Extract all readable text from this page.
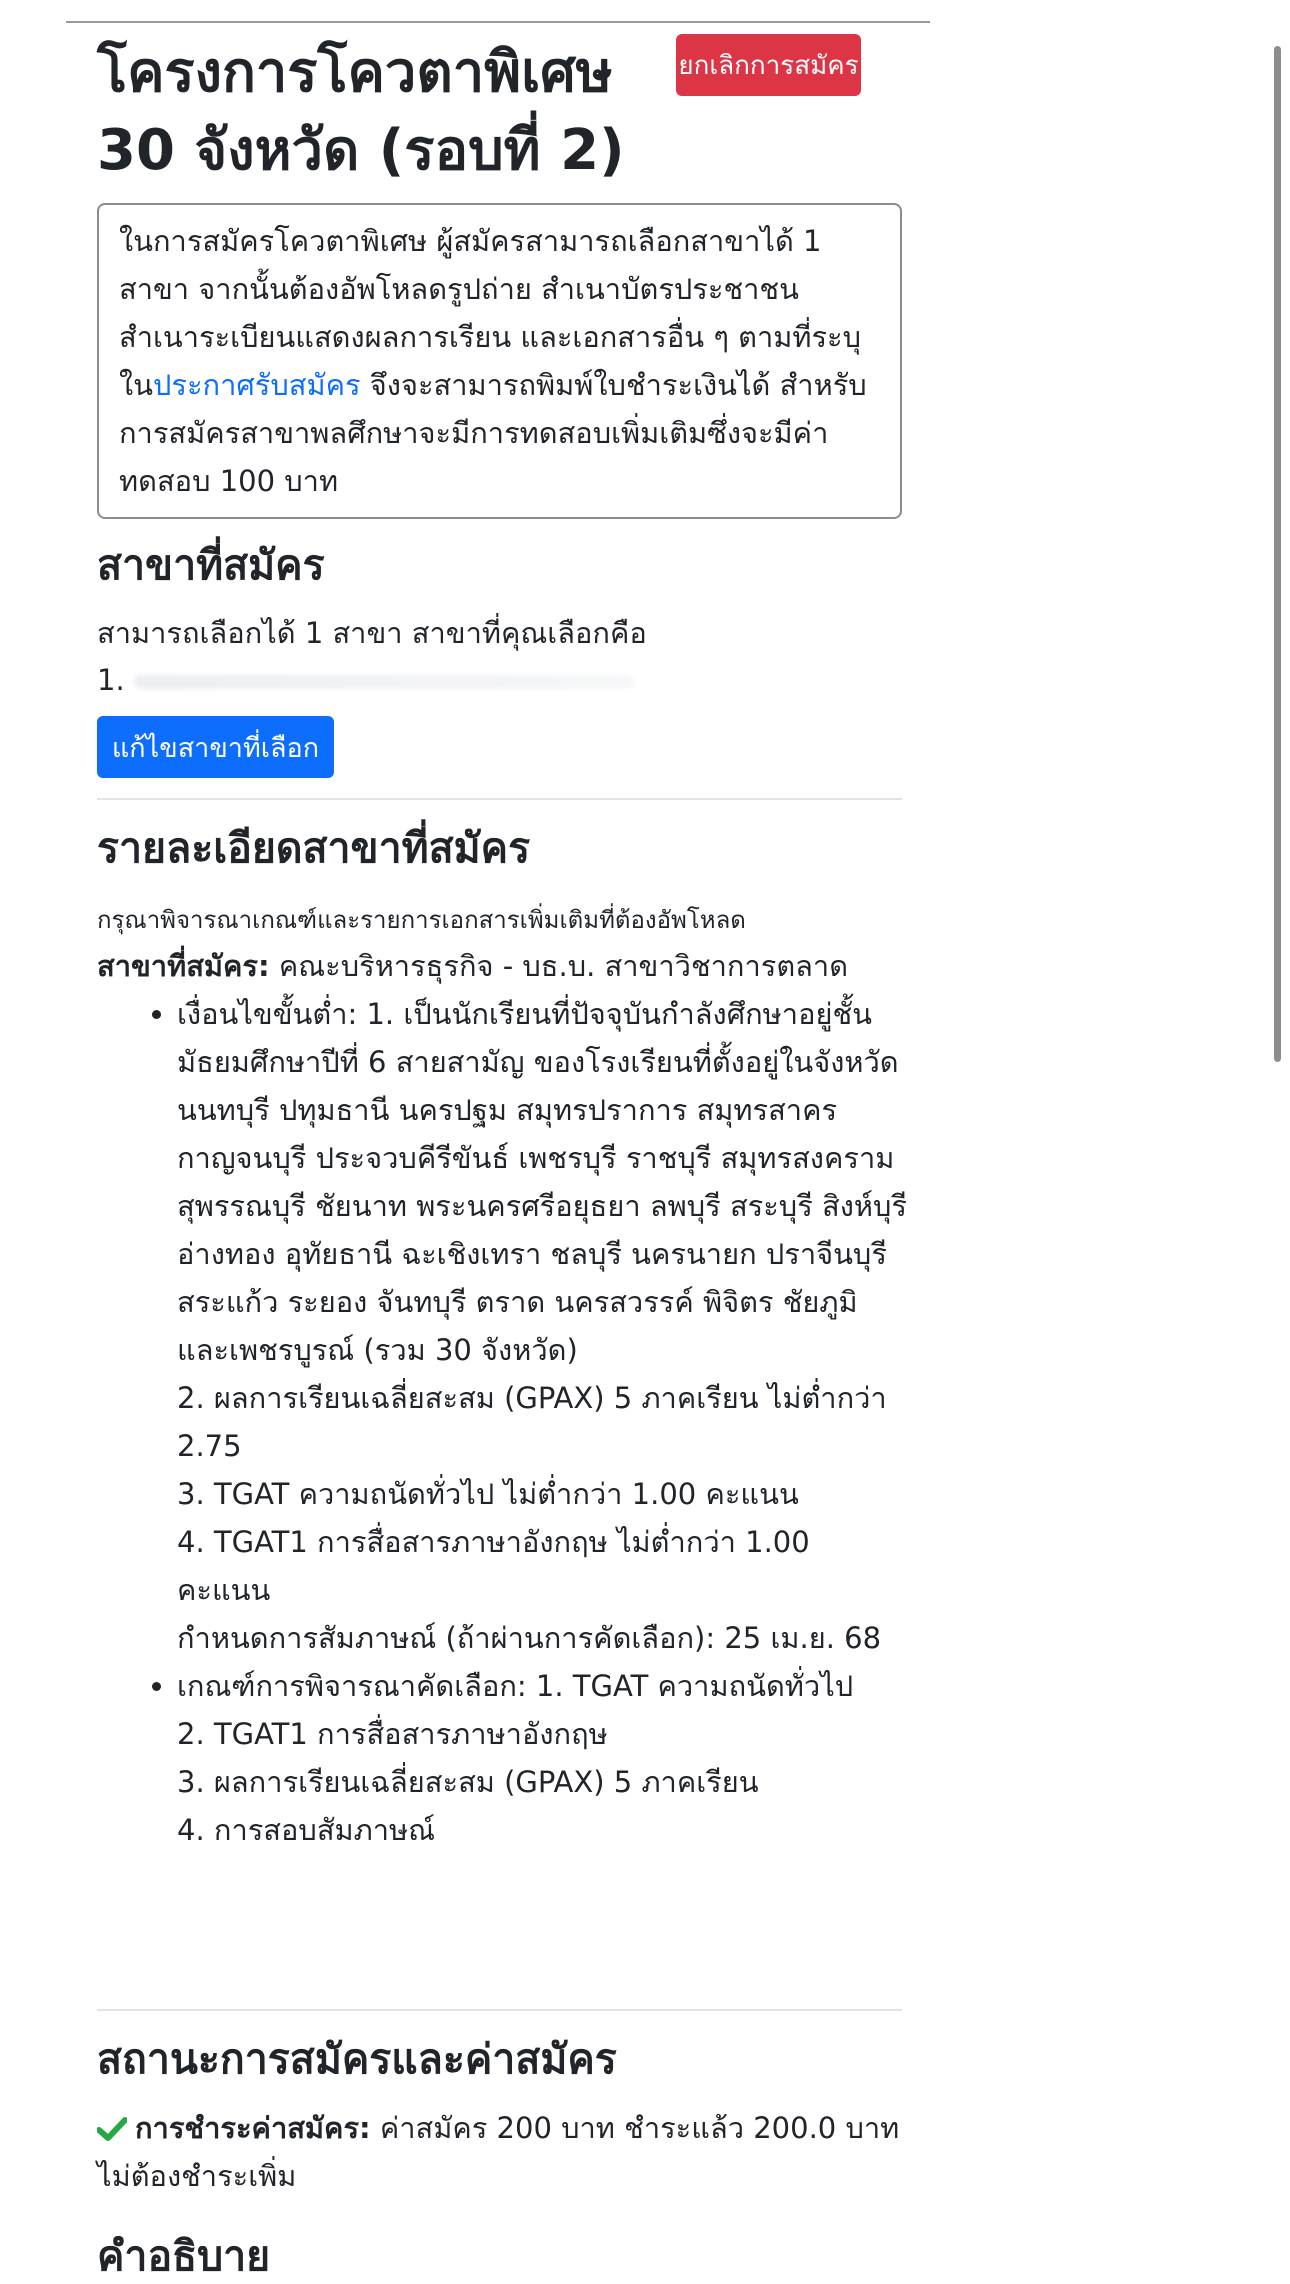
โครงการโควตาพิเศษ 30 จังหวัด (รอบที่ 2)
ยกเลิกการสมัคร
ในการสมัครโควตาพิเศษ ผู้สมัครสามารถเลือกสาขาได้ 1 สาขา จากนั้นต้องอัพโหลดรูปถ่าย สำเนาบัตรประชาชน สำเนาระเบียนแสดงผลการเรียน และเอกสารอื่น ๆ ตามที่ระบุในประกาศรับสมัคร จึงจะสามารถพิมพ์ใบชำระเงินได้ สำหรับการสมัครสาขาพลศึกษาจะมีการทดสอบเพิ่มเติมซึ่งจะมีค่าทดสอบ 100 บาท
สาขาที่สมัคร
สามารถเลือกได้ 1 สาขา สาขาที่คุณเลือกคือ
1.
แก้ไขสาขาที่เลือก
รายละเอียดสาขาที่สมัคร
กรุณาพิจารณาเกณฑ์และรายการเอกสารเพิ่มเติมที่ต้องอัพโหลด
สาขาที่สมัคร: คณะบริหารธุรกิจ - บธ.บ. สาขาวิชาการตลาด
• เงื่อนไขขั้นต่ำ: 1. เป็นนักเรียนที่ปัจจุบันกำลังศึกษาอยู่ชั้นมัธยมศึกษาปีที่ 6 สายสามัญ ของโรงเรียนที่ตั้งอยู่ในจังหวัดนนทบุรี ปทุมธานี นครปฐม สมุทรปราการ สมุทรสาคร กาญจนบุรี ประจวบคีรีขันธ์ เพชรบุรี ราชบุรี สมุทรสงคราม สุพรรณบุรี ชัยนาท พระนครศรีอยุธยา ลพบุรี สระบุรี สิงห์บุรี อ่างทอง อุทัยธานี ฉะเชิงเทรา ชลบุรี นครนายก ปราจีนบุรี สระแก้ว ระยอง จันทบุรี ตราด นครสวรรค์ พิจิตร ชัยภูมิ และเพชรบูรณ์ (รวม 30 จังหวัด)
2. ผลการเรียนเฉลี่ยสะสม (GPAX) 5 ภาคเรียน ไม่ต่ำกว่า 2.75
3. TGAT ความถนัดทั่วไป ไม่ต่ำกว่า 1.00 คะแนน
4. TGAT1 การสื่อสารภาษาอังกฤษ ไม่ต่ำกว่า 1.00 คะแนน
กำหนดการสัมภาษณ์ (ถ้าผ่านการคัดเลือก): 25 เม.ย. 68
• เกณฑ์การพิจารณาคัดเลือก: 1. TGAT ความถนัดทั่วไป
2. TGAT1 การสื่อสารภาษาอังกฤษ
3. ผลการเรียนเฉลี่ยสะสม (GPAX) 5 ภาคเรียน
4. การสอบสัมภาษณ์
สถานะการสมัครและค่าสมัคร
การชำระค่าสมัคร: ค่าสมัคร 200 บาท ชำระแล้ว 200.0 บาท ไม่ต้องชำระเพิ่ม
คำอธิบาย
